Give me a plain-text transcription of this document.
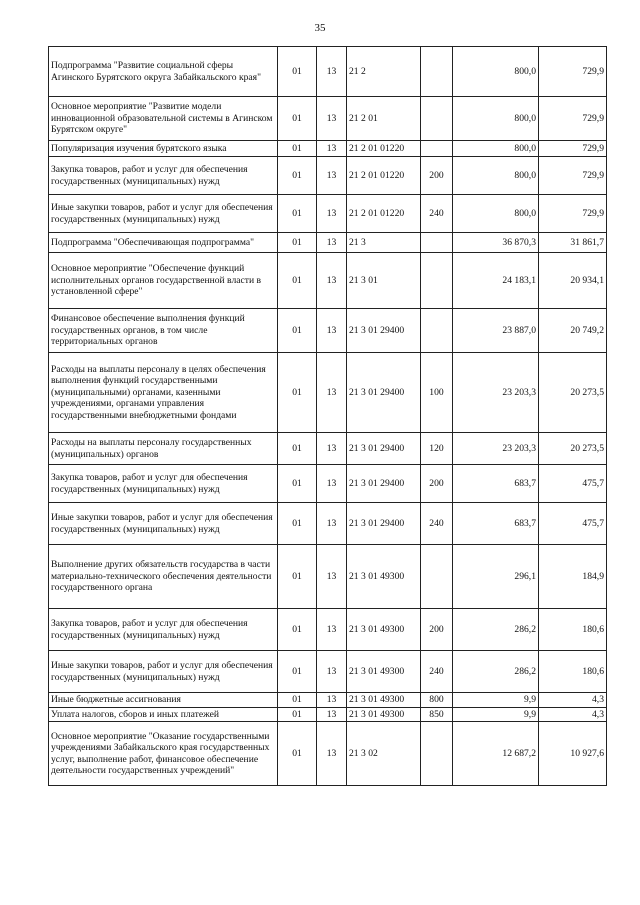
35
Подпрограмма "Развитие социальной сферы Агинского Бурятского округа Забайкальского края"	01	13	21 2		800,0	729,9
Основное мероприятие "Развитие модели инновационной образовательной системы в Агинском Бурятском округе"	01	13	21 2 01		800,0	729,9
Популяризация изучения бурятского языка	01	13	21 2 01 01220		800,0	729,9
Закупка товаров, работ и услуг для обеспечения государственных (муниципальных) нужд	01	13	21 2 01 01220	200	800,0	729,9
Иные закупки товаров, работ и услуг для обеспечения государственных (муниципальных) нужд	01	13	21 2 01 01220	240	800,0	729,9
Подпрограмма "Обеспечивающая подпрограмма"	01	13	21 3		36 870,3	31 861,7
Основное мероприятие "Обеспечение функций исполнительных органов государственной власти в установленной сфере"	01	13	21 3 01		24 183,1	20 934,1
Финансовое обеспечение выполнения функций государственных органов, в том числе территориальных органов	01	13	21 3 01 29400		23 887,0	20 749,2
Расходы на выплаты персоналу в целях обеспечения выполнения функций государственными (муниципальными) органами, казенными учреждениями, органами управления государственными внебюджетными фондами	01	13	21 3 01 29400	100	23 203,3	20 273,5
Расходы на выплаты персоналу государственных (муниципальных) органов	01	13	21 3 01 29400	120	23 203,3	20 273,5
Закупка товаров, работ и услуг для обеспечения государственных (муниципальных) нужд	01	13	21 3 01 29400	200	683,7	475,7
Иные закупки товаров, работ и услуг для обеспечения государственных (муниципальных) нужд	01	13	21 3 01 29400	240	683,7	475,7
Выполнение других обязательств государства в части материально-технического обеспечения деятельности государственного органа	01	13	21 3 01 49300		296,1	184,9
Закупка товаров, работ и услуг для обеспечения государственных (муниципальных) нужд	01	13	21 3 01 49300	200	286,2	180,6
Иные закупки товаров, работ и услуг для обеспечения государственных (муниципальных) нужд	01	13	21 3 01 49300	240	286,2	180,6
Иные бюджетные ассигнования	01	13	21 3 01 49300	800	9,9	4,3
Уплата налогов, сборов и иных платежей	01	13	21 3 01 49300	850	9,9	4,3
Основное мероприятие "Оказание государственными учреждениями Забайкальского края государственных услуг, выполнение работ, финансовое обеспечение деятельности государственных учреждений"	01	13	21 3 02		12 687,2	10 927,6
